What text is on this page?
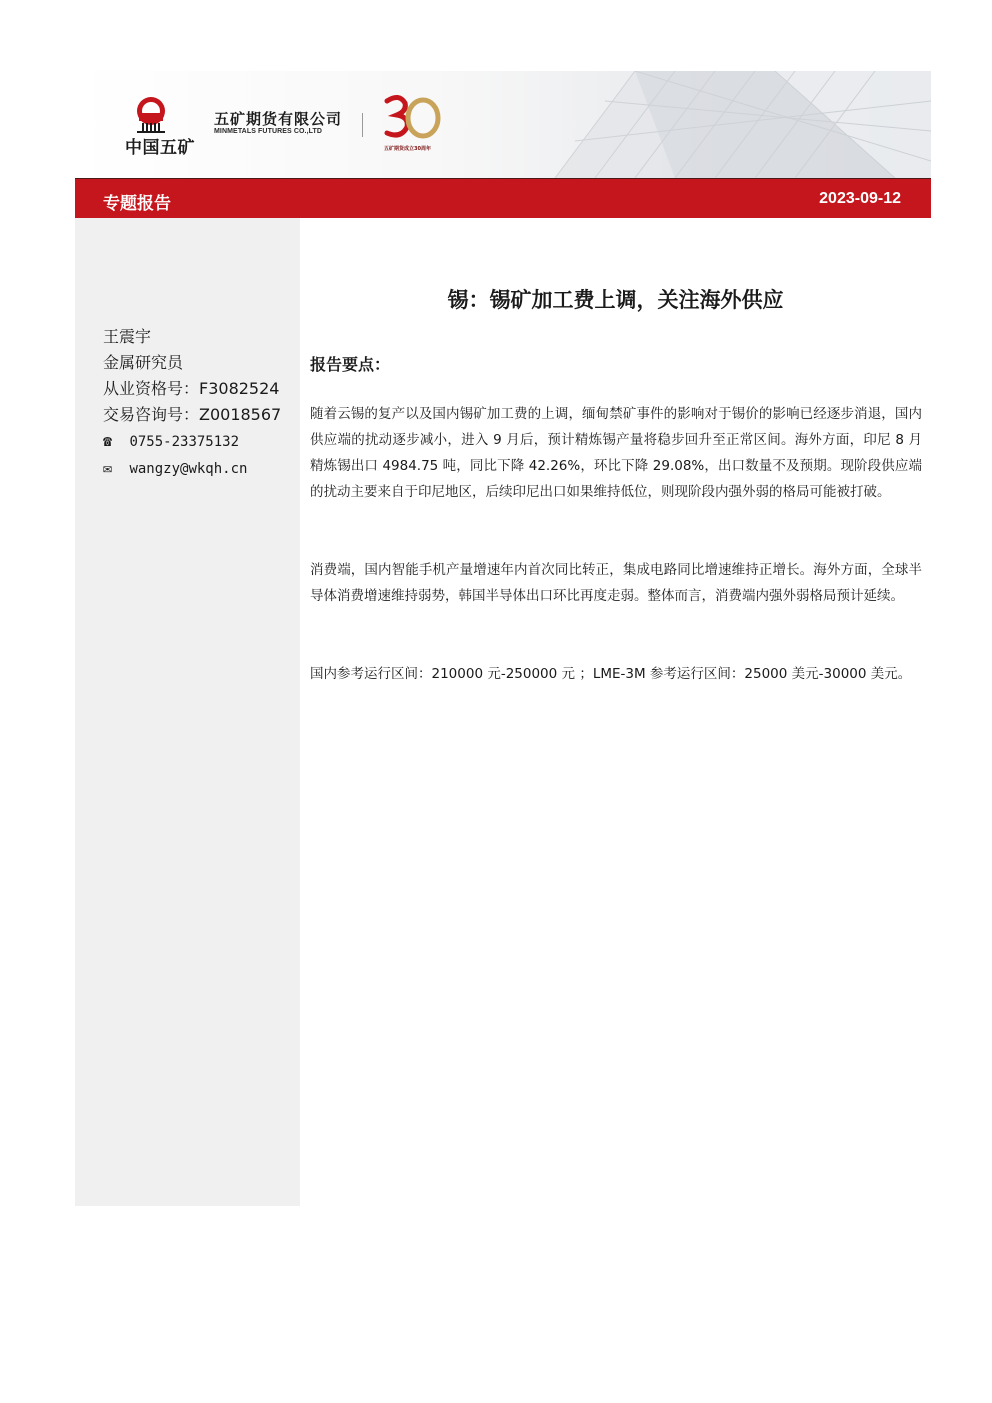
中国五矿
五矿期货有限公司
MINMETALS FUTURES CO.,LTD
五矿期货成立30周年
专题报告	2023-09-12
王震宇
金属研究员
从业资格号：F3082524
交易咨询号：Z0018567
☎ 0755-23375132
✉ wangzy@wkqh.cn
锡：锡矿加工费上调，关注海外供应
报告要点：

随着云锡的复产以及国内锡矿加工费的上调，缅甸禁矿事件的影响对于锡价的影响已经逐步消退，国内供应端的扰动逐步减小，进入 9 月后，预计精炼锡产量将稳步回升至正常区间。海外方面，印尼 8 月精炼锡出口 4984.75 吨，同比下降 42.26%，环比下降 29.08%，出口数量不及预期。现阶段供应端的扰动主要来自于印尼地区，后续印尼出口如果维持低位，则现阶段内强外弱的格局可能被打破。

消费端，国内智能手机产量增速年内首次同比转正，集成电路同比增速维持正增长。海外方面，全球半导体消费增速维持弱势，韩国半导体出口环比再度走弱。整体而言，消费端内强外弱格局预计延续。

国内参考运行区间：210000 元-250000 元 ；LME-3M 参考运行区间：25000 美元-30000 美元。
